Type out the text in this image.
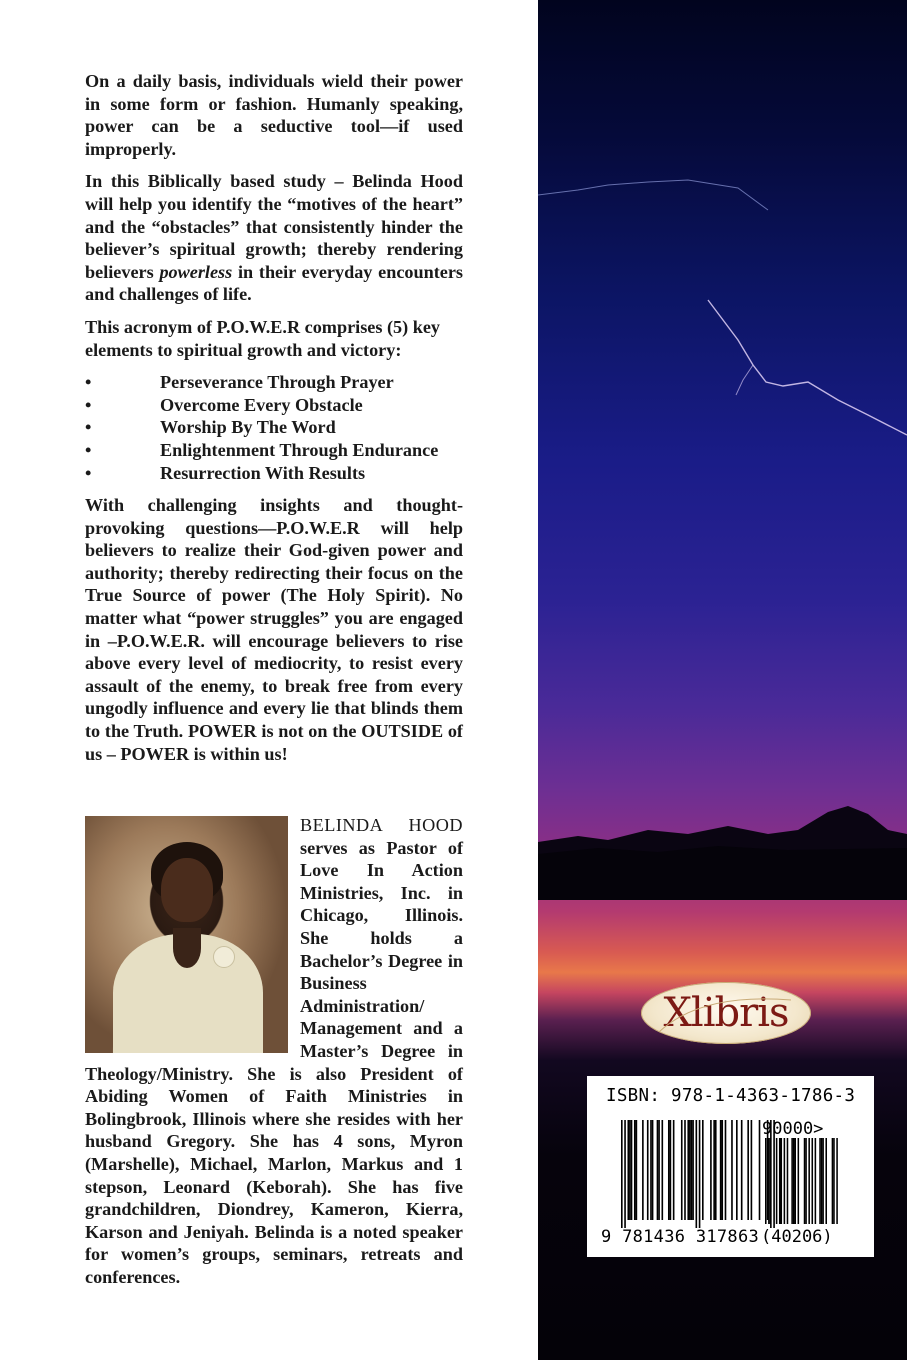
On a daily basis, individuals wield their power in some form or fashion. Humanly speaking, power can be a seductive tool—if used improperly.

In this Biblically based study – Belinda Hood will help you identify the “motives of the heart” and the “obstacles” that consistently hinder the believer’s spiritual growth; thereby rendering believers powerless in their everyday encounters and challenges of life.

This acronym of P.O.W.E.R comprises (5) key elements to spiritual growth and victory:

•	Perseverance Through Prayer
•	Overcome Every Obstacle
•	Worship By The Word
•	Enlightenment Through Endurance
•	Resurrection With Results

With challenging insights and thought-provoking questions—P.O.W.E.R will help believers to realize their God-given power and authority; thereby redirecting their focus on the True Source of power (The Holy Spirit). No matter what “power struggles” you are engaged in –P.O.W.E.R. will encourage believers to rise above every level of mediocrity, to resist every assault of the enemy, to break free from every ungodly influence and every lie that blinds them to the Truth. POWER is not on the OUTSIDE of us – POWER is within us!

BELINDA HOOD serves as Pastor of Love In Action Ministries, Inc. in Chicago, Illinois. She holds a Bachelor’s Degree in Business Administration/ Management and a Master’s Degree in Theology/Ministry. She is also President of Abiding Women of Faith Ministries in Bolingbrook, Illinois where she resides with her husband Gregory. She has 4 sons, Myron (Marshelle), Michael, Marlon, Markus and 1 stepson, Leonard (Keborah). She has five grandchildren, Diondrey, Kameron, Kierra, Karson and Jeniyah. Belinda is a noted speaker for women’s groups, seminars, retreats and conferences.
Xlibris
ISBN: 978-1-4363-1786-3
90000>
9 781436 317863 (40206)
